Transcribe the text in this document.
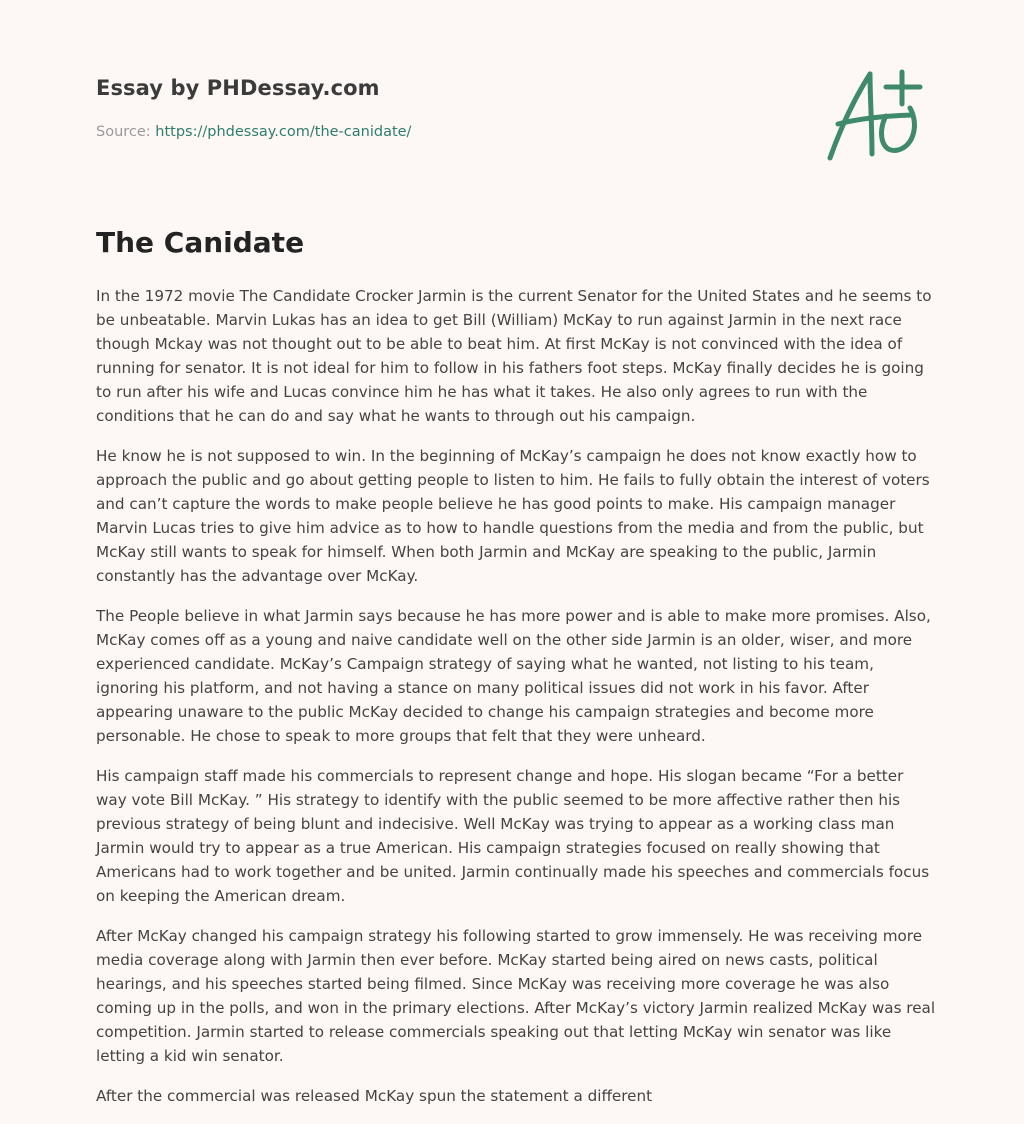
Essay by PHDessay.com
Source: https://phdessay.com/the-canidate/
The Canidate

In the 1972 movie The Candidate Crocker Jarmin is the current Senator for the United States and he seems to be unbeatable. Marvin Lukas has an idea to get Bill (William) McKay to run against Jarmin in the next race though Mckay was not thought out to be able to beat him. At first McKay is not convinced with the idea of running for senator. It is not ideal for him to follow in his fathers foot steps. McKay finally decides he is going to run after his wife and Lucas convince him he has what it takes. He also only agrees to run with the conditions that he can do and say what he wants to through out his campaign.

He know he is not supposed to win. In the beginning of McKay’s campaign he does not know exactly how to approach the public and go about getting people to listen to him. He fails to fully obtain the interest of voters and can’t capture the words to make people believe he has good points to make. His campaign manager Marvin Lucas tries to give him advice as to how to handle questions from the media and from the public, but McKay still wants to speak for himself. When both Jarmin and McKay are speaking to the public, Jarmin constantly has the advantage over McKay.

The People believe in what Jarmin says because he has more power and is able to make more promises. Also, McKay comes off as a young and naive candidate well on the other side Jarmin is an older, wiser, and more experienced candidate. McKay’s Campaign strategy of saying what he wanted, not listing to his team, ignoring his platform, and not having a stance on many political issues did not work in his favor. After appearing unaware to the public McKay decided to change his campaign strategies and become more personable. He chose to speak to more groups that felt that they were unheard.

His campaign staff made his commercials to represent change and hope. His slogan became “For a better way vote Bill McKay. ” His strategy to identify with the public seemed to be more affective rather then his previous strategy of being blunt and indecisive. Well McKay was trying to appear as a working class man Jarmin would try to appear as a true American. His campaign strategies focused on really showing that Americans had to work together and be united. Jarmin continually made his speeches and commercials focus on keeping the American dream.

After McKay changed his campaign strategy his following started to grow immensely. He was receiving more media coverage along with Jarmin then ever before. McKay started being aired on news casts, political hearings, and his speeches started being filmed. Since McKay was receiving more coverage he was also coming up in the polls, and won in the primary elections. After McKay’s victory Jarmin realized McKay was real competition. Jarmin started to release commercials speaking out that letting McKay win senator was like letting a kid win senator.

After the commercial was released McKay spun the statement a different
